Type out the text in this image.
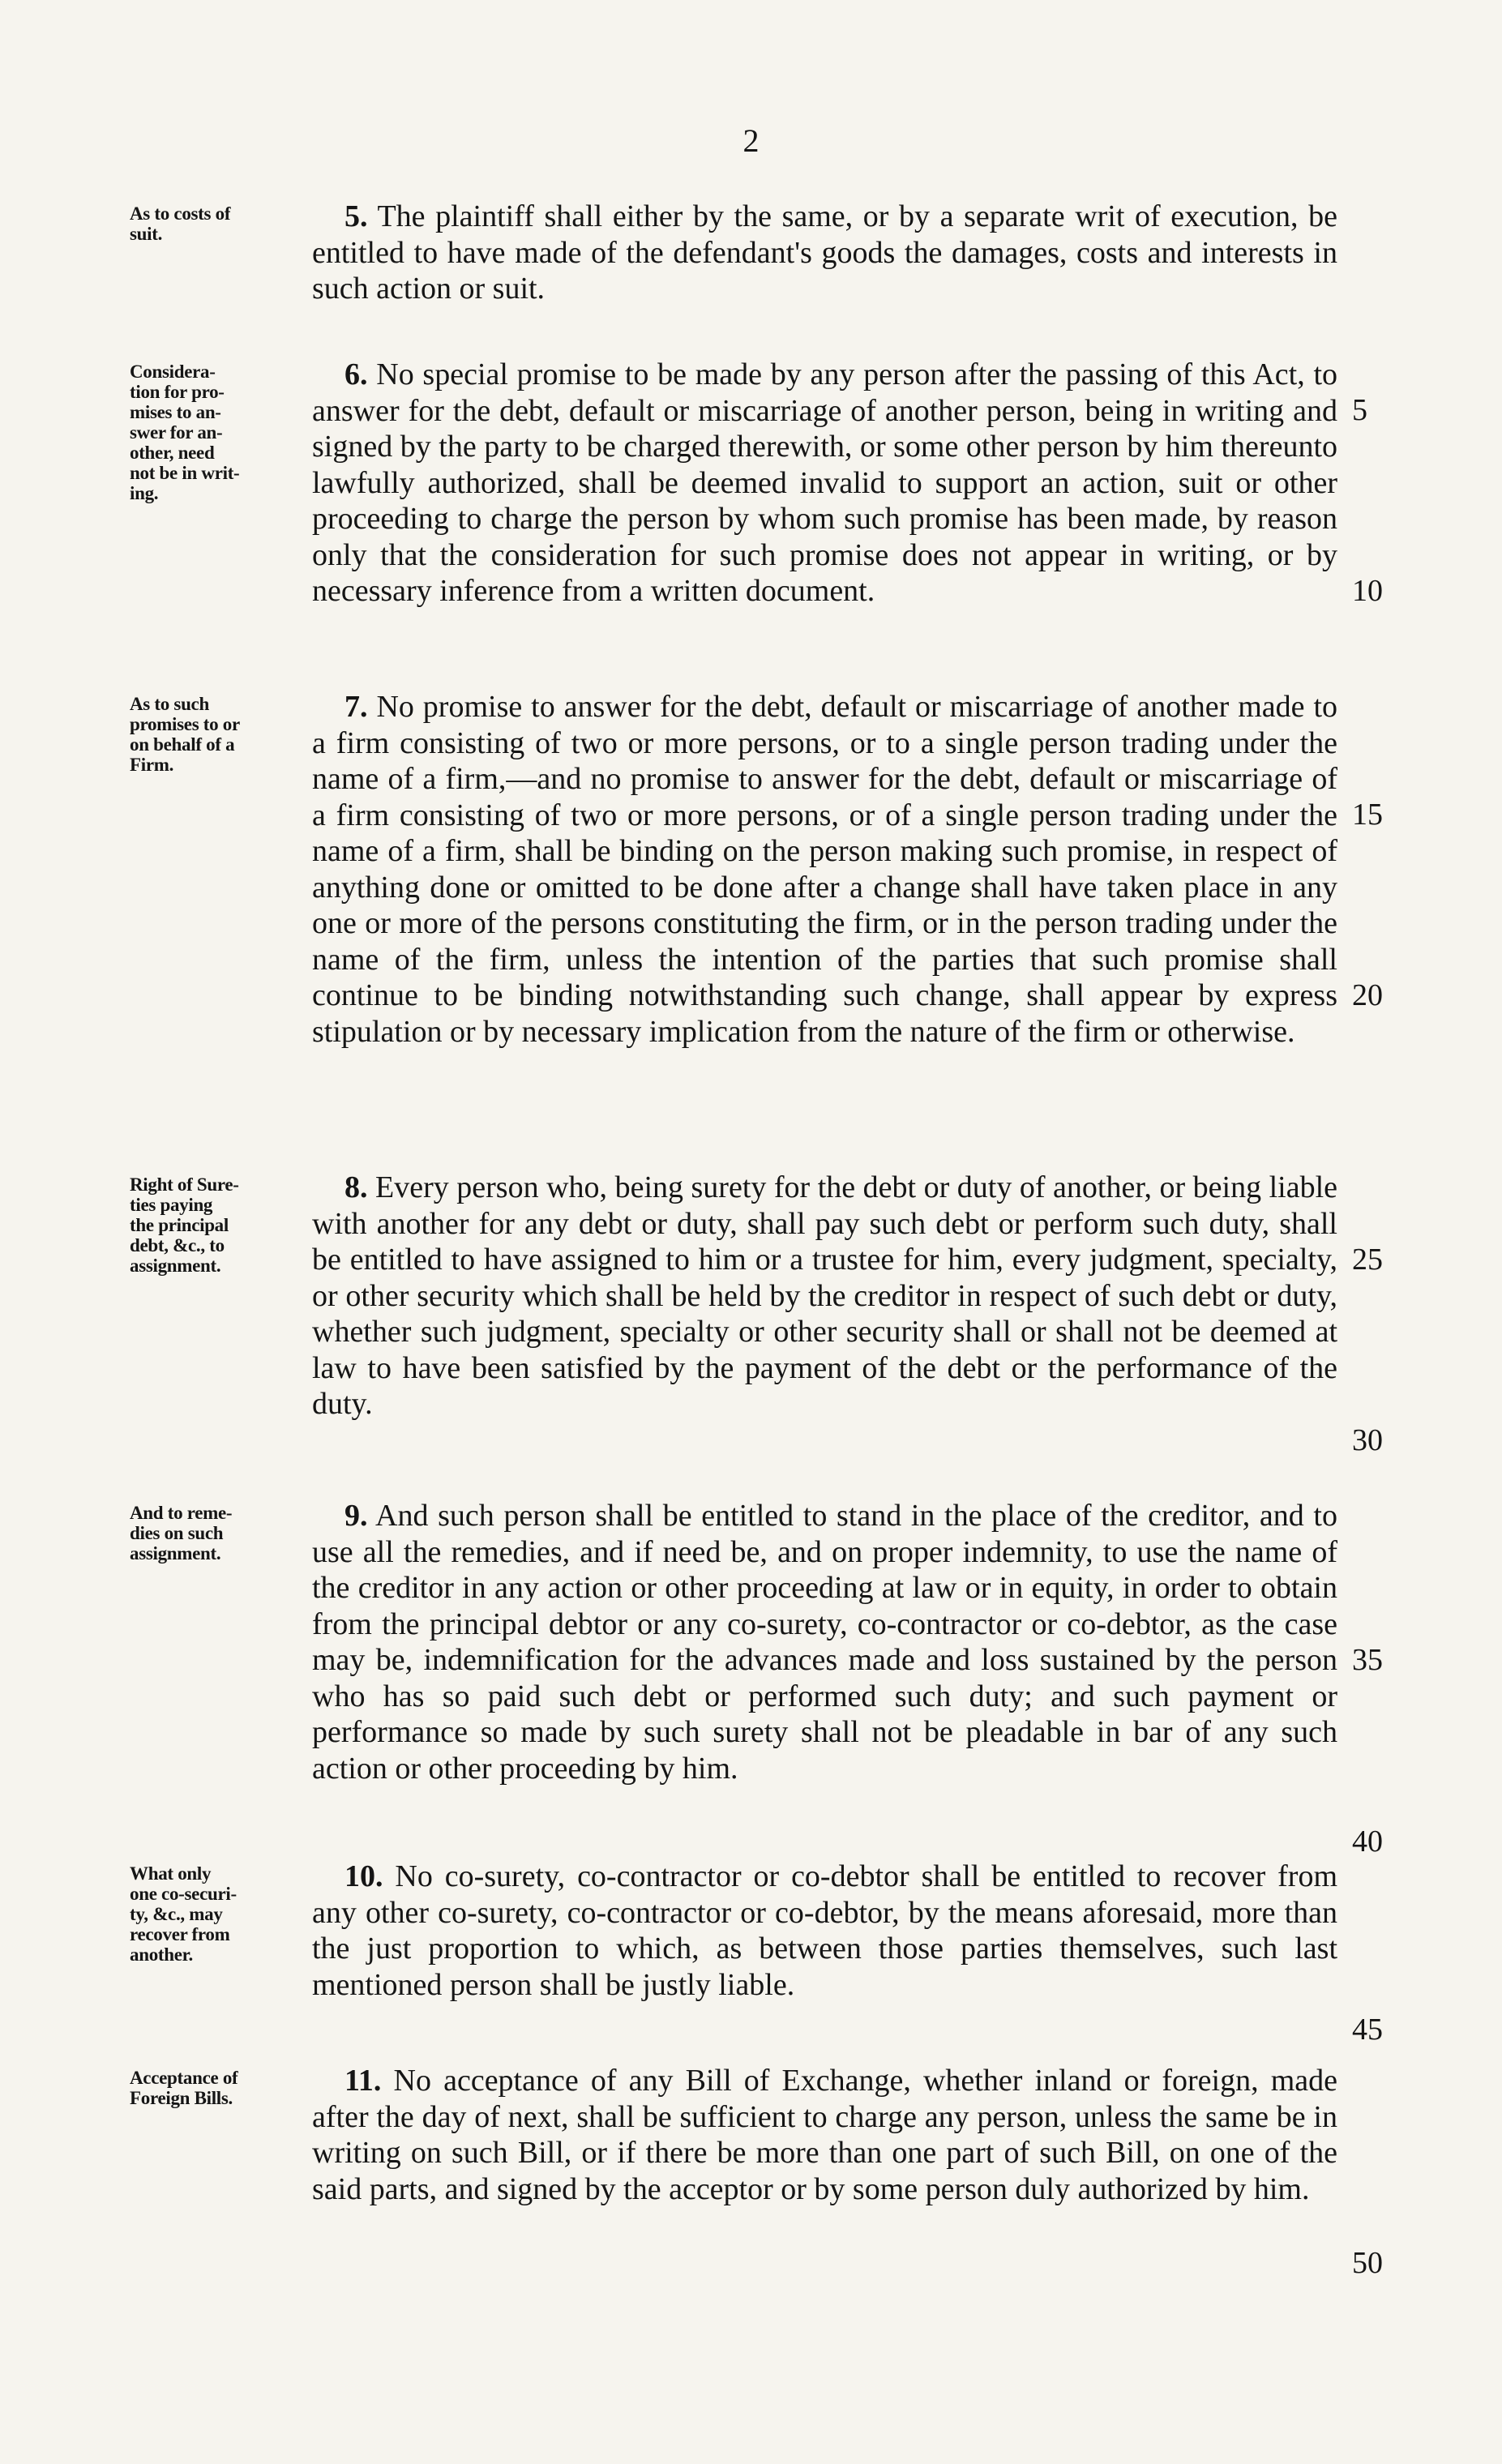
2
As to costs of
suit.
5. The plaintiff shall either by the same, or by a separate writ of execution, be entitled to have made of the defendant's goods the damages, costs and interests in such action or suit.
Considera-
tion for pro-
mises to an-
swer for an-
other, need
not be in writ-
ing.
6. No special promise to be made by any person after the passing of this Act, to answer for the debt, default or miscarriage of another person, being in writing and signed by the party to be charged therewith, or some other person by him thereunto lawfully authorized, shall be deemed invalid to support an action, suit or other proceeding to charge the person by whom such promise has been made, by reason only that the consideration for such promise does not appear in writing, or by necessary inference from a written document.
As to such
promises to or
on behalf of a
Firm.
7. No promise to answer for the debt, default or miscarriage of another made to a firm consisting of two or more persons, or to a single person trading under the name of a firm,—and no promise to answer for the debt, default or miscarriage of a firm consisting of two or more persons, or of a single person trading under the name of a firm, shall be binding on the person making such promise, in respect of anything done or omitted to be done after a change shall have taken place in any one or more of the persons constituting the firm, or in the person trading under the name of the firm, unless the intention of the parties that such promise shall continue to be binding notwithstanding such change, shall appear by express stipulation or by necessary implication from the nature of the firm or otherwise.
Right of Sure-
ties paying
the principal
debt, &c., to
assignment.
8. Every person who, being surety for the debt or duty of another, or being liable with another for any debt or duty, shall pay such debt or perform such duty, shall be entitled to have assigned to him or a trustee for him, every judgment, specialty, or other security which shall be held by the creditor in respect of such debt or duty, whether such judgment, specialty or other security shall or shall not be deemed at law to have been satisfied by the payment of the debt or the performance of the duty.
And to reme-
dies on such
assignment.
9. And such person shall be entitled to stand in the place of the creditor, and to use all the remedies, and if need be, and on proper indemnity, to use the name of the creditor in any action or other proceeding at law or in equity, in order to obtain from the principal debtor or any co-surety, co-contractor or co-debtor, as the case may be, indemnification for the advances made and loss sustained by the person who has so paid such debt or performed such duty; and such payment or performance so made by such surety shall not be pleadable in bar of any such action or other proceeding by him.
What only
one co-securi-
ty, &c., may
recover from
another.
10. No co-surety, co-contractor or co-debtor shall be entitled to recover from any other co-surety, co-contractor or co-debtor, by the means aforesaid, more than the just proportion to which, as between those parties themselves, such last mentioned person shall be justly liable.
Acceptance of
Foreign Bills.
11. No acceptance of any Bill of Exchange, whether inland or foreign, made after the day of next, shall be sufficient to charge any person, unless the same be in writing on such Bill, or if there be more than one part of such Bill, on one of the said parts, and signed by the acceptor or by some person duly authorized by him.
5
10
15
20
25
30
35
40
45
50
